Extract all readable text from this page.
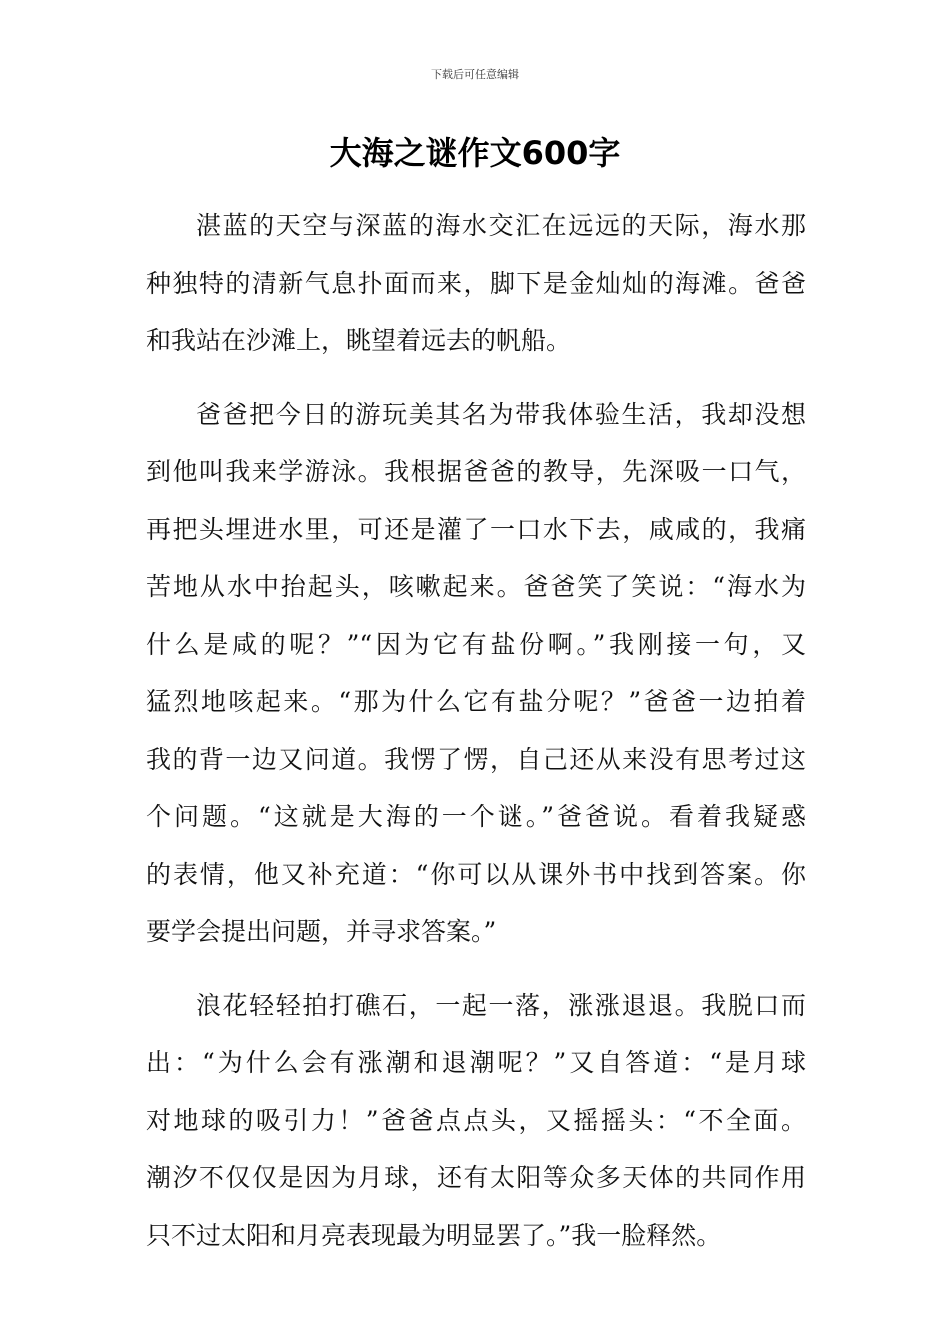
下载后可任意编辑
大海之谜作文600字
湛蓝的天空与深蓝的海水交汇在远远的天际，海水那
种独特的清新气息扑面而来，脚下是金灿灿的海滩。爸爸
和我站在沙滩上，眺望着远去的帆船。
爸爸把今日的游玩美其名为带我体验生活，我却没想
到他叫我来学游泳。我根据爸爸的教导，先深吸一口气，
再把头埋进水里，可还是灌了一口水下去，咸咸的，我痛
苦地从水中抬起头，咳嗽起来。爸爸笑了笑说：“海水为
什么是咸的呢？”“因为它有盐份啊。”我刚接一句，又
猛烈地咳起来。“那为什么它有盐分呢？”爸爸一边拍着
我的背一边又问道。我愣了愣，自己还从来没有思考过这
个问题。“这就是大海的一个谜。”爸爸说。看着我疑惑
的表情，他又补充道：“你可以从课外书中找到答案。你
要学会提出问题，并寻求答案。”
浪花轻轻拍打礁石，一起一落，涨涨退退。我脱口而
出：“为什么会有涨潮和退潮呢？”又自答道：“是月球
对地球的吸引力！”爸爸点点头，又摇摇头：“不全面。
潮汐不仅仅是因为月球，还有太阳等众多天体的共同作用
只不过太阳和月亮表现最为明显罢了。”我一脸释然。
